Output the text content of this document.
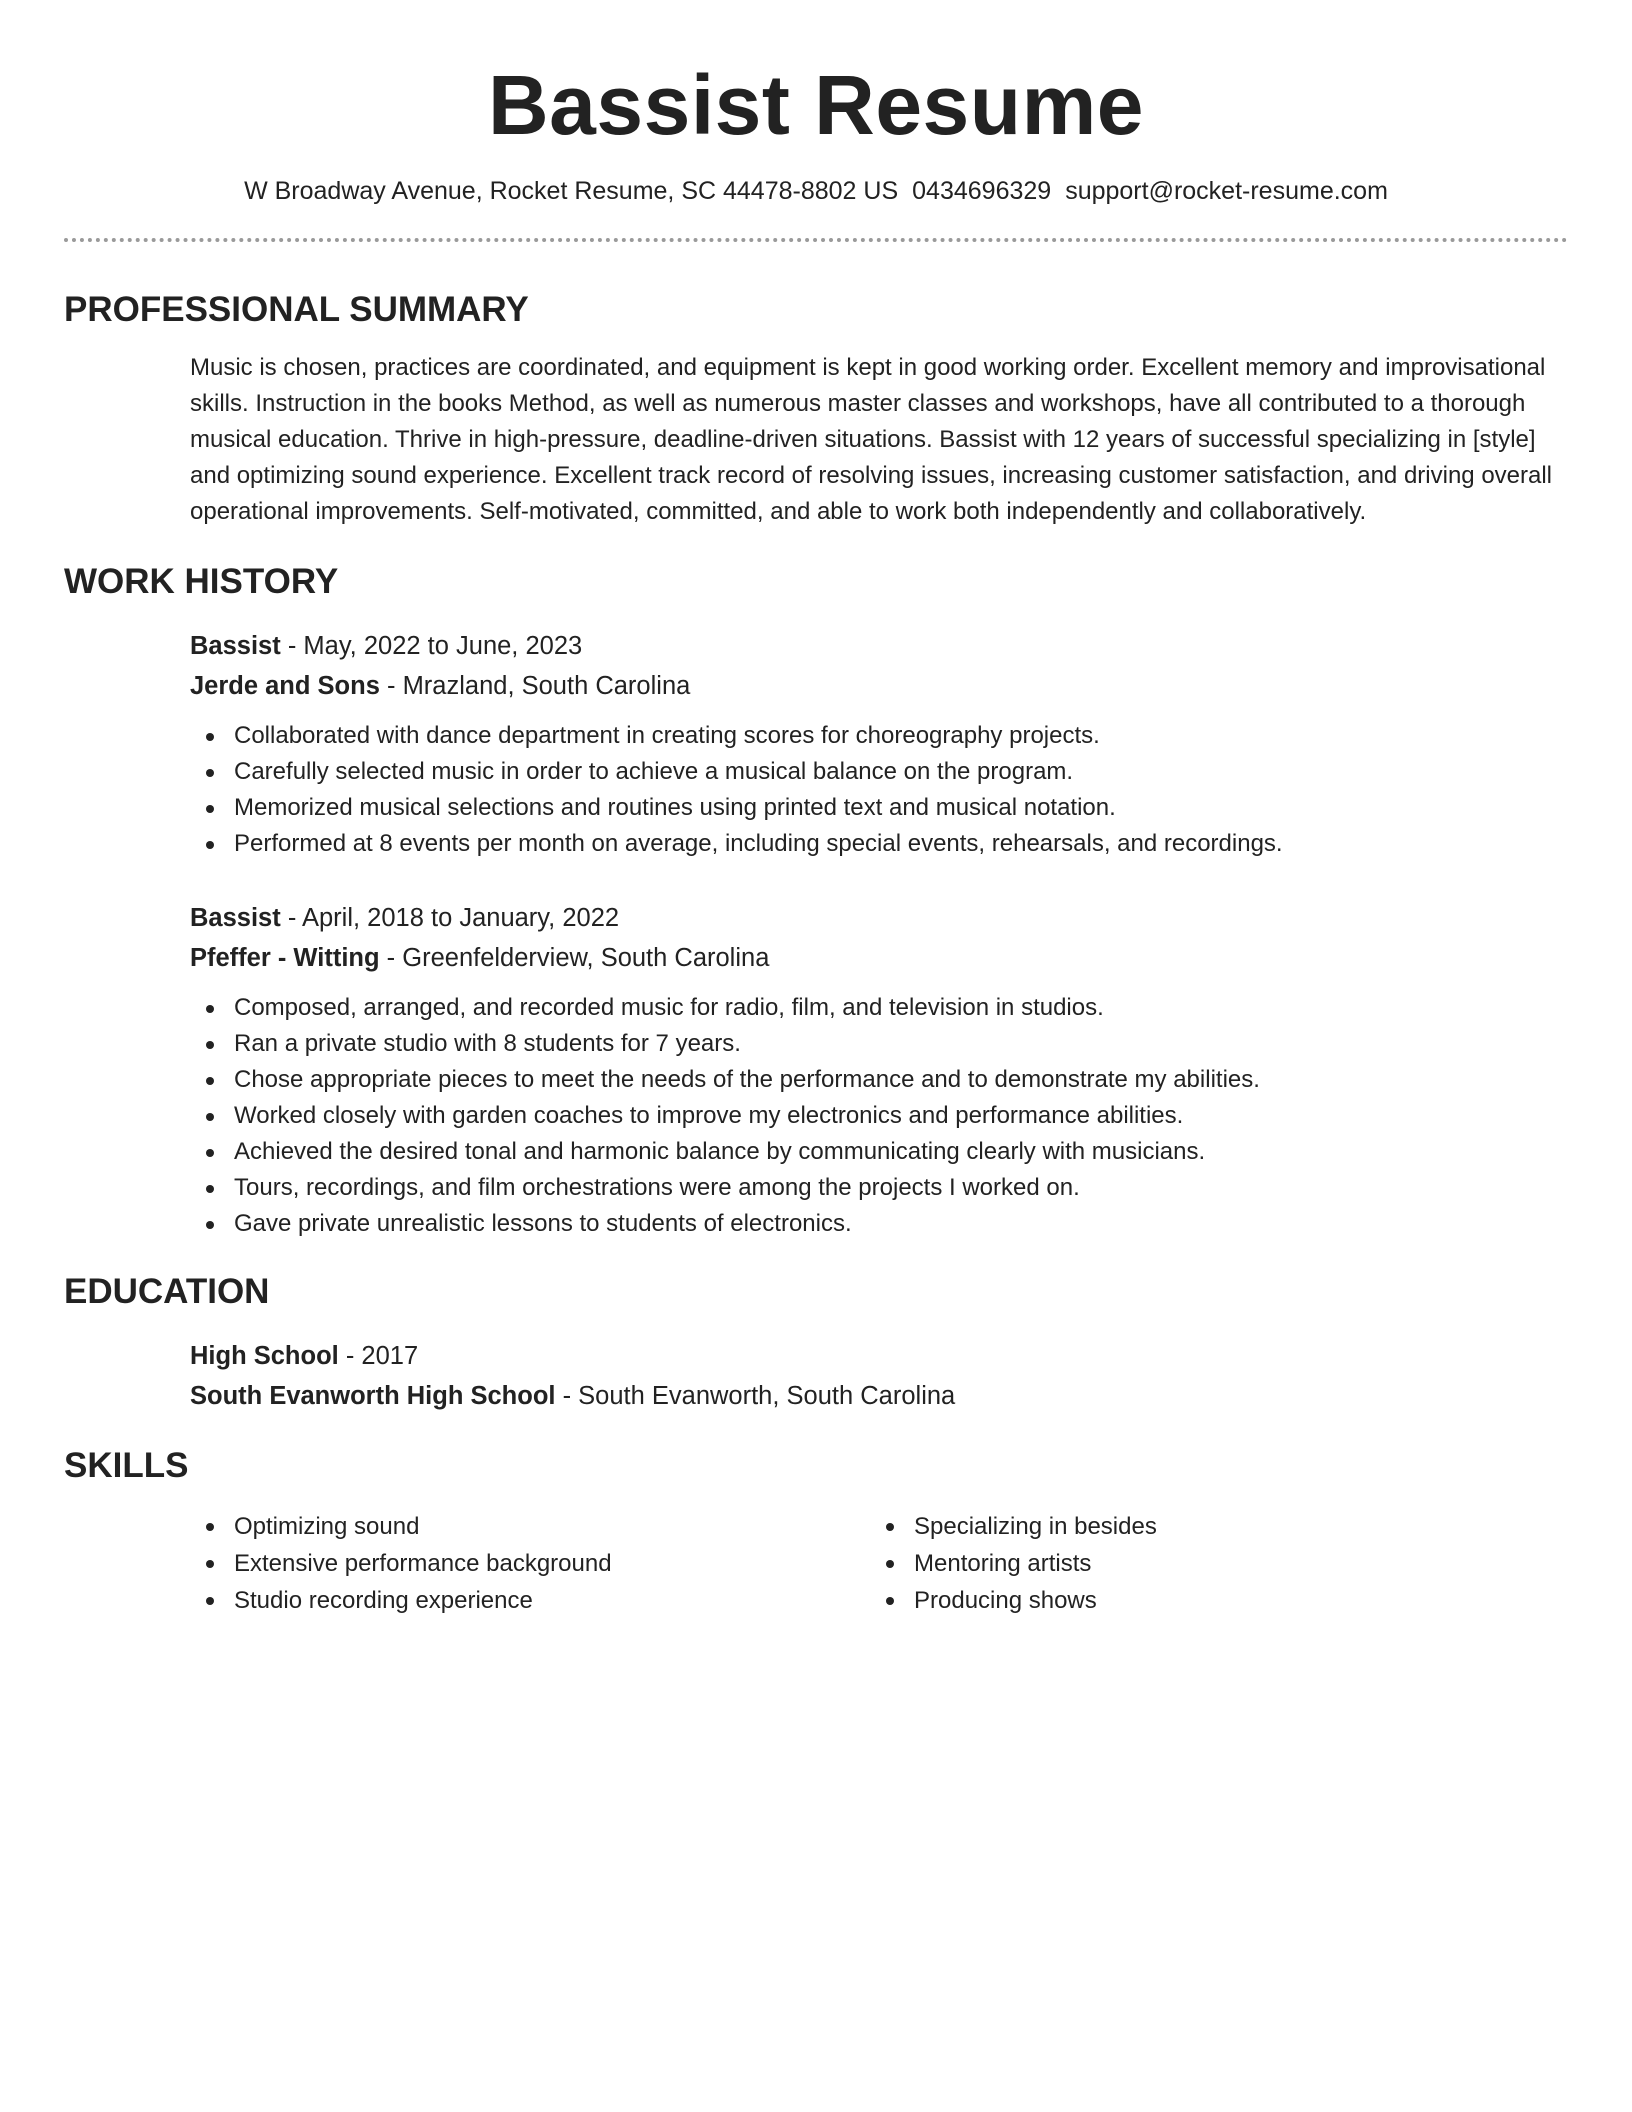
Bassist Resume
W Broadway Avenue, Rocket Resume, SC 44478-8802 US 0434696329 support@rocket-resume.com
PROFESSIONAL SUMMARY

Music is chosen, practices are coordinated, and equipment is kept in good working order. Excellent memory and improvisational skills. Instruction in the books Method, as well as numerous master classes and workshops, have all contributed to a thorough musical education. Thrive in high-pressure, deadline-driven situations. Bassist with 12 years of successful specializing in [style] and optimizing sound experience. Excellent track record of resolving issues, increasing customer satisfaction, and driving overall operational improvements. Self-motivated, committed, and able to work both independently and collaboratively.

WORK HISTORY
Bassist - May, 2022 to June, 2023
Jerde and Sons - Mrazland, South Carolina
Collaborated with dance department in creating scores for choreography projects.
Carefully selected music in order to achieve a musical balance on the program.
Memorized musical selections and routines using printed text and musical notation.
Performed at 8 events per month on average, including special events, rehearsals, and recordings.
Bassist - April, 2018 to January, 2022
Pfeffer - Witting - Greenfelderview, South Carolina
Composed, arranged, and recorded music for radio, film, and television in studios.
Ran a private studio with 8 students for 7 years.
Chose appropriate pieces to meet the needs of the performance and to demonstrate my abilities.
Worked closely with garden coaches to improve my electronics and performance abilities.
Achieved the desired tonal and harmonic balance by communicating clearly with musicians.
Tours, recordings, and film orchestrations were among the projects I worked on.
Gave private unrealistic lessons to students of electronics.
EDUCATION
High School - 2017
South Evanworth High School - South Evanworth, South Carolina
SKILLS
Optimizing sound
Extensive performance background
Studio recording experience
Specializing in besides
Mentoring artists
Producing shows
